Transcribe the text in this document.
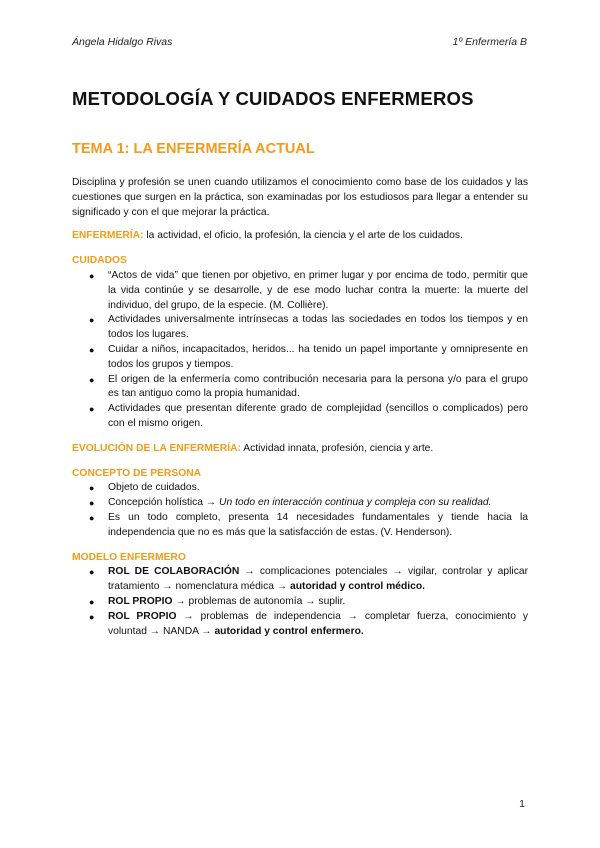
Ángela Hidalgo Rivas	1º Enfermería B
METODOLOGÍA Y CUIDADOS ENFERMEROS
TEMA 1: LA ENFERMERÍA ACTUAL

Disciplina y profesión se unen cuando utilizamos el conocimiento como base de los cuidados y las cuestiones que surgen en la práctica, son examinadas por los estudiosos para llegar a entender su significado y con el que mejorar la práctica.

ENFERMERÍA: la actividad, el oficio, la profesión, la ciencia y el arte de los cuidados.

CUIDADOS

● “Actos de vida” que tienen por objetivo, en primer lugar y por encima de todo, permitir que la vida continúe y se desarrolle, y de ese modo luchar contra la muerte: la muerte del individuo, del grupo, de la especie. (M. Collière).
● Actividades universalmente intrínsecas a todas las sociedades en todos los tiempos y en todos los lugares.
● Cuidar a niños, incapacitados, heridos... ha tenido un papel importante y omnipresente en todos los grupos y tiempos.
● El origen de la enfermería como contribución necesaria para la persona y/o para el grupo es tan antiguo como la propia humanidad.
● Actividades que presentan diferente grado de complejidad (sencillos o complicados) pero con el mismo origen.

EVOLUCIÓN DE LA ENFERMERÍA: Actividad innata, profesión, ciencia y arte.

CONCEPTO DE PERSONA

● Objeto de cuidados.
● Concepción holística → Un todo en interacción continua y compleja con su realidad.
● Es un todo completo, presenta 14 necesidades fundamentales y tiende hacia la independencia que no es más que la satisfacción de estas. (V. Henderson).

MODELO ENFERMERO

● ROL DE COLABORACIÓN → complicaciones potenciales → vigilar, controlar y aplicar tratamiento → nomenclatura médica → autoridad y control médico.
● ROL PROPIO → problemas de autonomía → suplir.
● ROL PROPIO → problemas de independencia → completar fuerza, conocimiento y voluntad → NANDA → autoridad y control enfermero.
1
